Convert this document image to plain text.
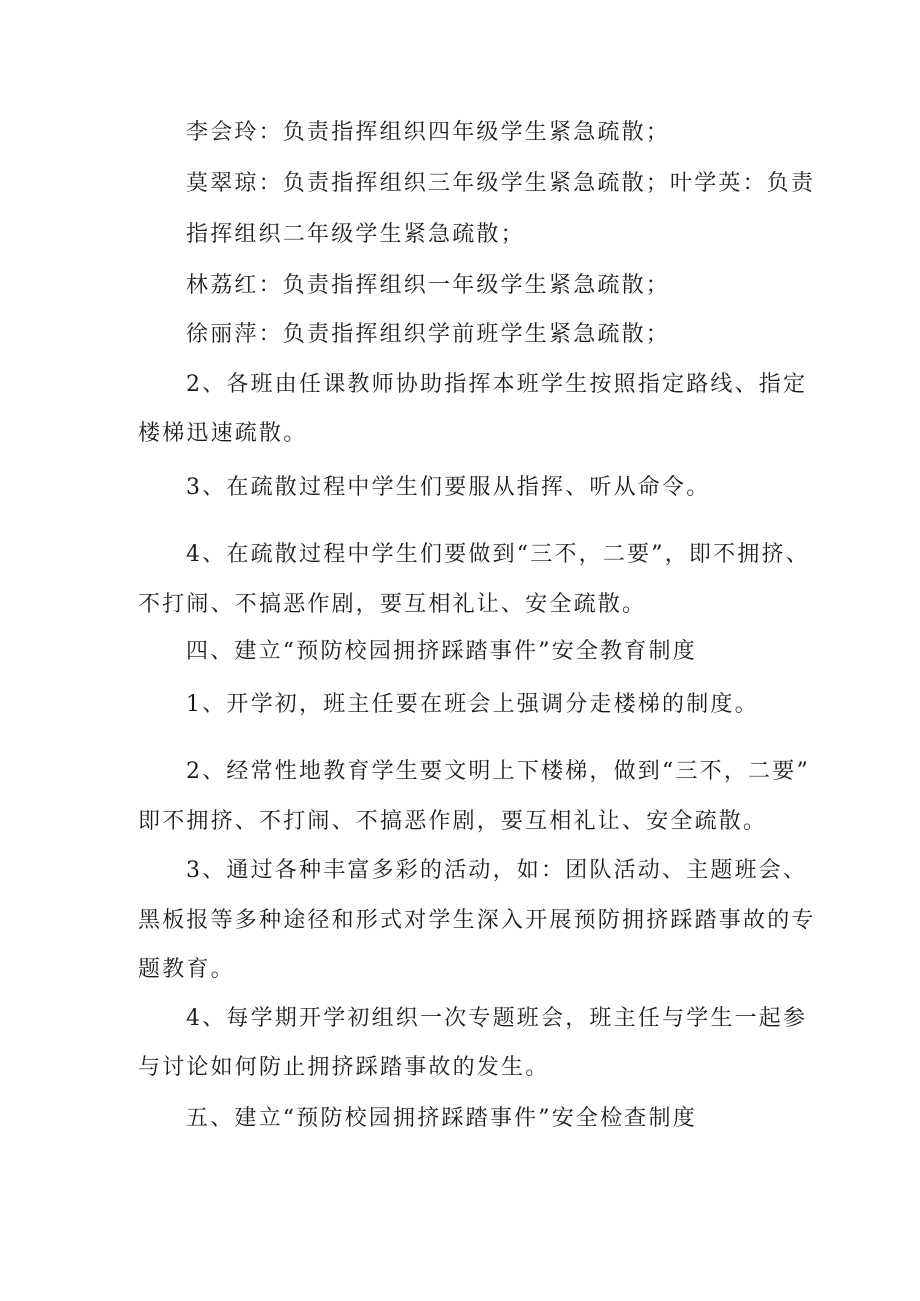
李会玲：负责指挥组织四年级学生紧急疏散；
莫翠琼：负责指挥组织三年级学生紧急疏散；叶学英：负责
指挥组织二年级学生紧急疏散；
林荔红：负责指挥组织一年级学生紧急疏散；
徐丽萍：负责指挥组织学前班学生紧急疏散；
2、各班由任课教师协助指挥本班学生按照指定路线、指定
楼梯迅速疏散。
3、在疏散过程中学生们要服从指挥、听从命令。
4、在疏散过程中学生们要做到“三不，二要”，即不拥挤、
不打闹、不搞恶作剧，要互相礼让、安全疏散。
四、建立“预防校园拥挤踩踏事件”安全教育制度
1、开学初，班主任要在班会上强调分走楼梯的制度。
2、经常性地教育学生要文明上下楼梯，做到“三不，二要”
即不拥挤、不打闹、不搞恶作剧，要互相礼让、安全疏散。
3、通过各种丰富多彩的活动，如：团队活动、主题班会、
黑板报等多种途径和形式对学生深入开展预防拥挤踩踏事故的专
题教育。
4、每学期开学初组织一次专题班会，班主任与学生一起参
与讨论如何防止拥挤踩踏事故的发生。
五、建立“预防校园拥挤踩踏事件”安全检查制度
